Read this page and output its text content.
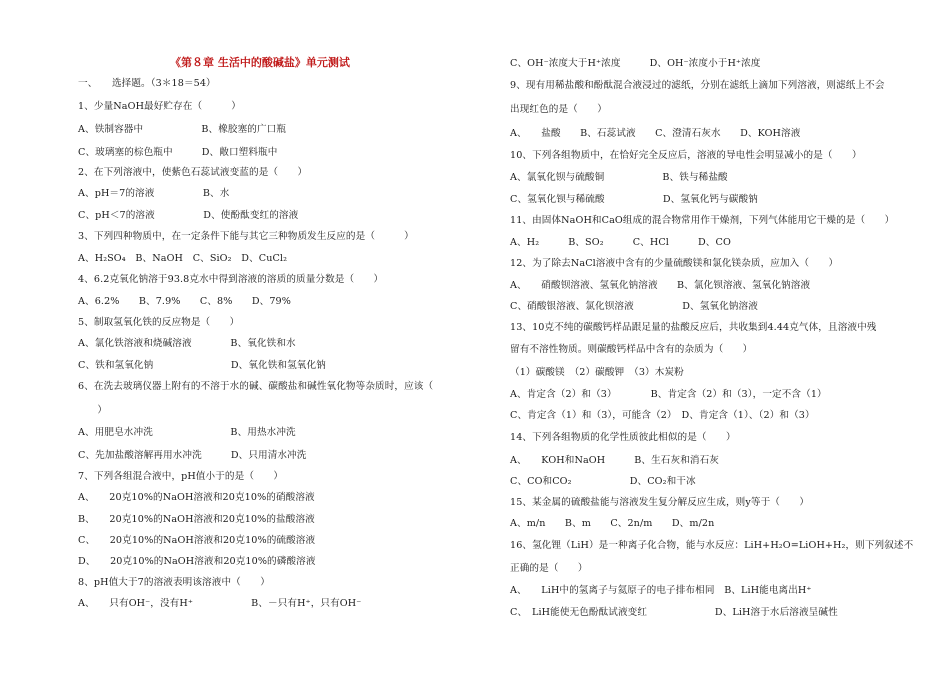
《第８章 生活中的酸碱盐》单元测试
一、　　选择题。（3＊18＝54）
1、少量NaOH最好贮存在（　　　）
A、铁制容器中　　　　　　B、橡胶塞的广口瓶
C、玻璃塞的棕色瓶中　　　D、敞口塑料瓶中
2、在下列溶液中，使紫色石蕊试液变蓝的是（　　）
A、pH＝7的溶液　　　　　B、水
C、pH＜7的溶液　　　　　D、使酚酞变红的溶液
3、下列四种物质中，在一定条件下能与其它三种物质发生反应的是（　　　）
A、H₂SO₄　B、NaOH　C、SiO₂　D、CuCl₂
4、6.2克氧化钠溶于93.8克水中得到溶液的溶质的质量分数是（　　）
A、6.2%　　B、7.9%　　C、8%　　D、79%
5、制取氢氧化铁的反应物是（　　）
A、氯化铁溶液和烧碱溶液　　　　B、氧化铁和水
C、铁和氢氧化钠　　　　　　　　D、氧化铁和氢氧化钠
6、在洗去玻璃仪器上附有的不溶于水的碱、碳酸盐和碱性氧化物等杂质时，应该（
　　）
A、用肥皂水冲洗　　　　　　　　B、用热水冲洗
C、先加盐酸溶解再用水冲洗　　　D、只用清水冲洗
7、下列各组混合液中，pH值小于的是（　　）
A、　　20克10%的NaOH溶液和20克10%的硝酸溶液
B、　　20克10%的NaOH溶液和20克10%的盐酸溶液
C、　　20克10%的NaOH溶液和20克10%的硫酸溶液
D、　　20克10%的NaOH溶液和20克10%的磷酸溶液
8、pH值大于7的溶液表明该溶液中（　　）
A、　　只有OH⁻，没有H⁺　　　　　　B、－只有H⁺，只有OH⁻
C、OH⁻浓度大于H⁺浓度　　　D、OH⁻浓度小于H⁺浓度
9、现有用稀盐酸和酚酞混合液浸过的滤纸，分别在滤纸上滴加下列溶液，则滤纸上不会
出现红色的是（　　）
A、　　盐酸　　B、石蕊试液　　C、澄清石灰水　　D、KOH溶液
10、下列各组物质中，在恰好完全反应后，溶液的导电性会明显减小的是（　　）
A、氯氧化钡与硫酸铜　　　　　　B、铁与稀盐酸
C、氢氧化钡与稀硫酸　　　　　　D、氢氧化钙与碳酸钠
11、由固体NaOH和CaO组成的混合物常用作干燥剂，下列气体能用它干燥的是（　　）
A、H₂　　　B、SO₂　　　C、HCl　　　D、CO
12、为了除去NaCl溶液中含有的少量硫酸镁和氯化镁杂质，应加入（　　）
A、　　硝酸钡溶液、氢氧化钠溶液　　B、氯化钡溶液、氢氧化钠溶液
C、硝酸银溶液、氯化钡溶液　　　　　D、氢氧化钠溶液
13、10克不纯的碳酸钙样品跟足量的盐酸反应后，共收集到4.44克气体，且溶液中残
留有不溶性物质。则碳酸钙样品中含有的杂质为（　　）
（1）碳酸镁　（2）碳酸钾　（3）木炭粉
A、肯定含（2）和（3）　　　　B、肯定含（2）和（3），一定不含（1）
C、肯定含（1）和（3），可能含（2）　D、肯定含（1）、（2）和（3）
14、下列各组物质的化学性质彼此相似的是（　　）
A、　　KOH和NaOH　　　B、生石灰和消石灰
C、CO和CO₂　　　　　　D、CO₂和干冰
15、某金属的硫酸盐能与溶液发生复分解反应生成，则y等于（　　）
A、m/n　　B、m　　C、2n/m　　D、m/2n
16、氢化锂（LiH）是一种离子化合物，能与水反应：LiH+H₂O=LiOH+H₂，则下列叙述不
正确的是（　　）
A、　　LiH中的氢离子与氦原子的电子排布相同　B、LiH能电离出H⁺
C、　LiH能使无色酚酞试液变红　　　　　　　D、LiH溶于水后溶液呈碱性
